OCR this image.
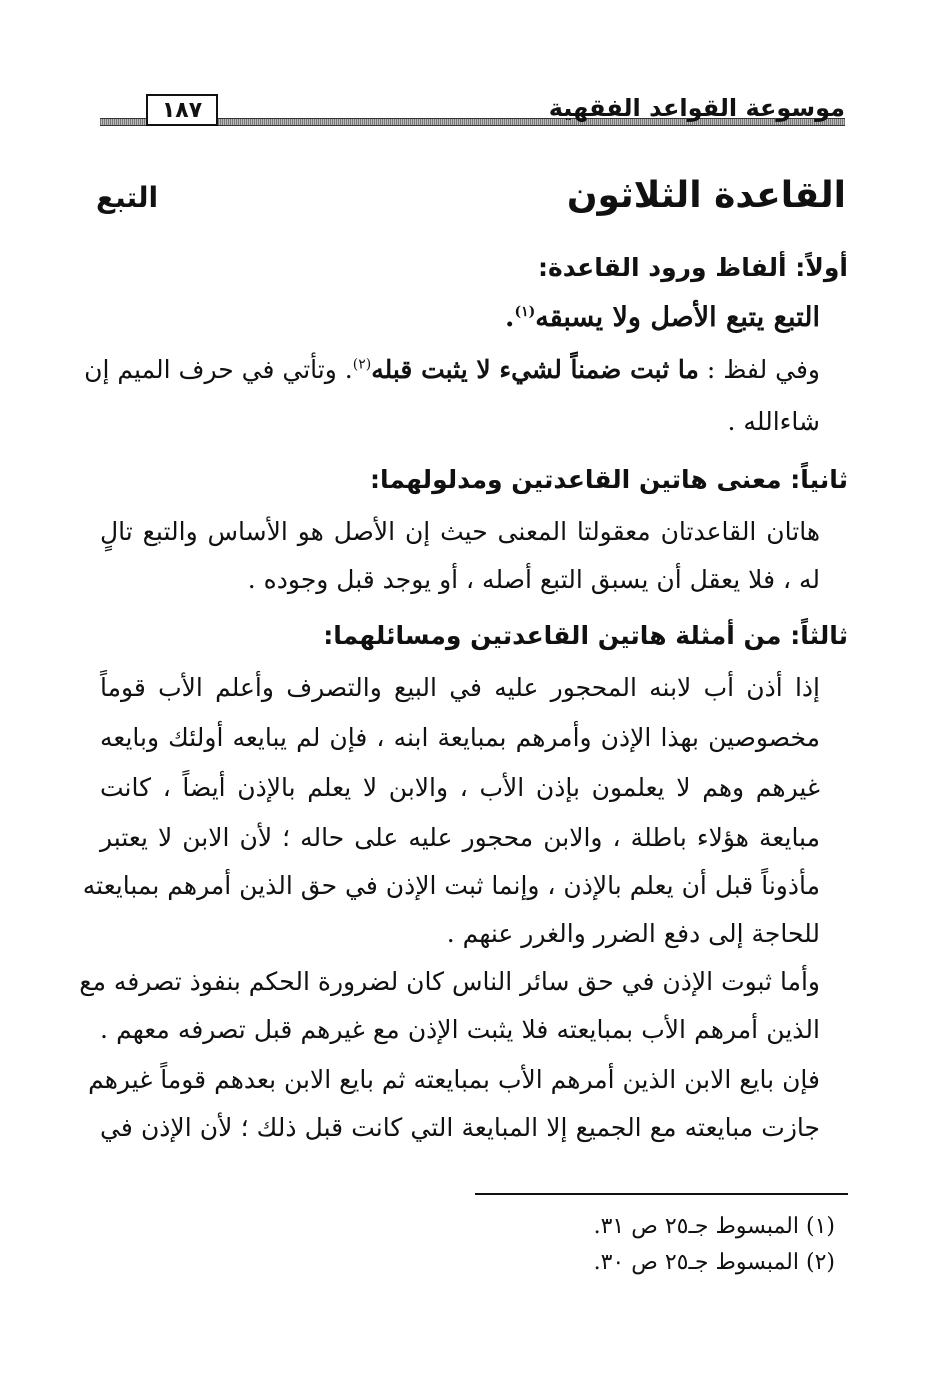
موسوعة القواعد الفقهية
١٨٧
القاعدة الثلاثون
التبع
أولاً: ألفاظ ورود القاعدة:
التبع يتبع الأصل ولا يسبقه$^{(١)}$.
وفي لفظ : ما ثبت ضمناً لشيء لا يثبت قبله$^{(٢)}$. وتأتي في حرف الميم إن
شاءالله .
ثانياً: معنى هاتين القاعدتين ومدلولهما:
هاتان القاعدتان معقولتا المعنى حيث إن الأصل هو الأساس والتبع تالٍ
له ، فلا يعقل أن يسبق التبع أصله ، أو يوجد قبل وجوده .
ثالثاً: من أمثلة هاتين القاعدتين ومسائلهما:
إذا أذن أب لابنه المحجور عليه في البيع والتصرف وأعلم الأب قوماً
مخصوصين بهذا الإذن وأمرهم بمبايعة ابنه ، فإن لم يبايعه أولئك وبايعه
غيرهم وهم لا يعلمون بإذن الأب ، والابن لا يعلم بالإذن أيضاً ، كانت
مبايعة هؤلاء باطلة ، والابن محجور عليه على حاله ؛ لأن الابن لا يعتبر
مأذوناً قبل أن يعلم بالإذن ، وإنما ثبت الإذن في حق الذين أمرهم بمبايعته
للحاجة إلى دفع الضرر والغرر عنهم .
وأما ثبوت الإذن في حق سائر الناس كان لضرورة الحكم بنفوذ تصرفه مع
الذين أمرهم الأب بمبايعته فلا يثبت الإذن مع غيرهم قبل تصرفه معهم .
فإن بايع الابن الذين أمرهم الأب بمبايعته ثم بايع الابن بعدهم قوماً غيرهم
جازت مبايعته مع الجميع إلا المبايعة التي كانت قبل ذلك ؛ لأن الإذن في
(١) المبسوط جـ٢٥ ص ٣١.
(٢) المبسوط جـ٢٥ ص ٣٠.
